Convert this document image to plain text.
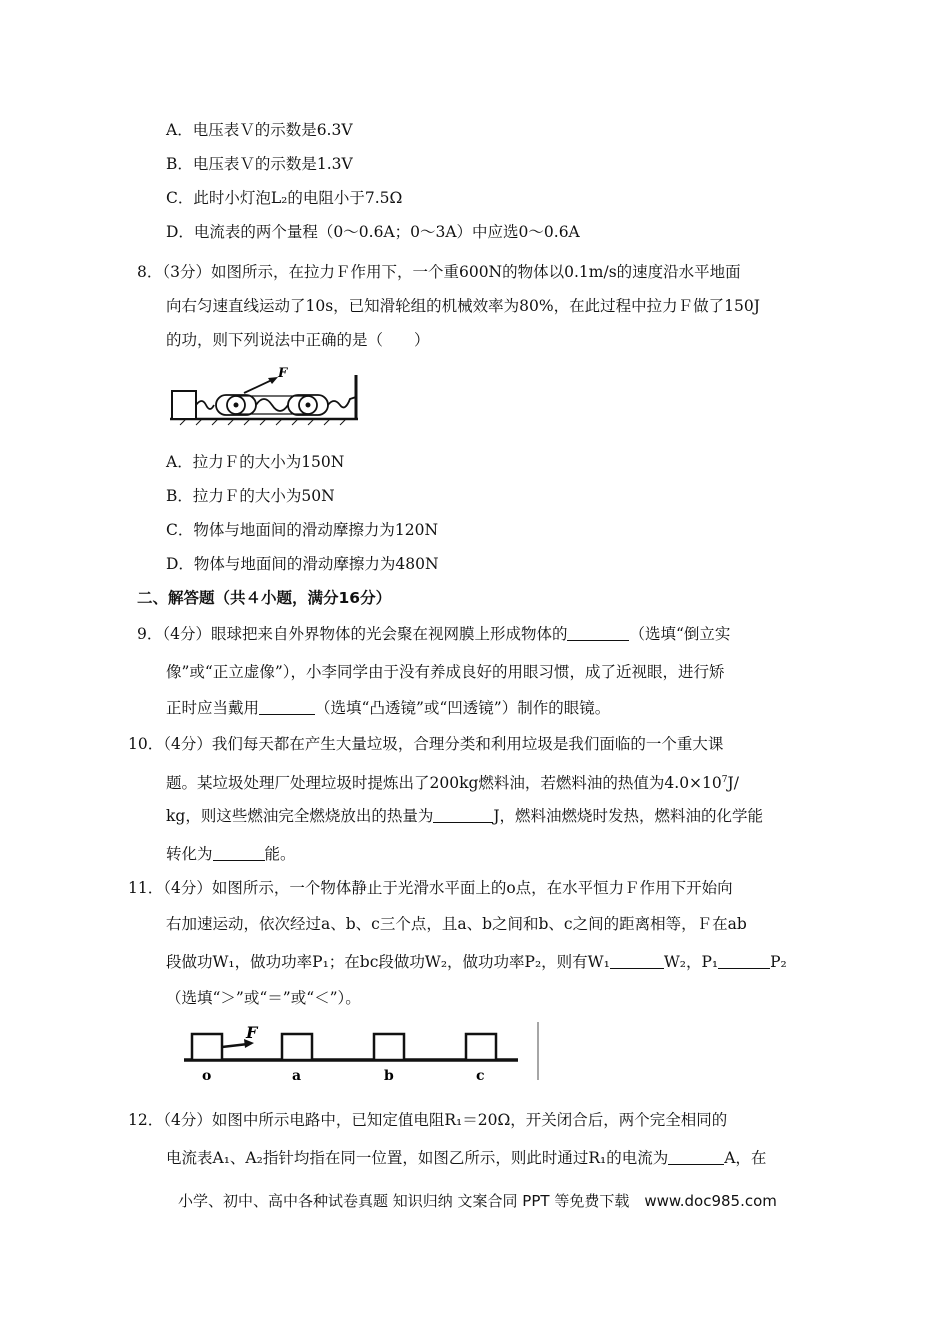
A．电压表Ｖ的示数是6.3V
B．电压表Ｖ的示数是1.3V
C．此时小灯泡L₂的电阻小于7.5Ω
D．电流表的两个量程（0～0.6A；0～3A）中应选0～0.6A
8．（3分）如图所示，在拉力Ｆ作用下，一个重600N的物体以0.1m/s的速度沿水平地面
向右匀速直线运动了10s，已知滑轮组的机械效率为80%，在此过程中拉力Ｆ做了150J
的功，则下列说法中正确的是（　　）
F
A．拉力Ｆ的大小为150N
B．拉力Ｆ的大小为50N
C．物体与地面间的滑动摩擦力为120N
D．物体与地面间的滑动摩擦力为480N
二、解答题（共４小题，满分16分）
9．（4分）眼球把来自外界物体的光会聚在视网膜上形成物体的	（选填“倒立实
像”或“正立虚像”），小李同学由于没有养成良好的用眼习惯，成了近视眼，进行矫
正时应当戴用	（选填“凸透镜”或“凹透镜”）制作的眼镜。
10．（4分）我们每天都在产生大量垃圾，合理分类和利用垃圾是我们面临的一个重大课
题。某垃圾处理厂处理垃圾时提炼出了200kg燃料油，若燃料油的热值为$4.0\times 10^7J/$
kg，则这些燃油完全燃烧放出的热量为	J，燃料油燃烧时发热，燃料油的化学能
转化为	能。
11．（4分）如图所示，一个物体静止于光滑水平面上的o点，在水平恒力Ｆ作用下开始向
右加速运动，依次经过a、b、c三个点，且a、b之间和b、c之间的距离相等，Ｆ在ab
段做功W₁，做功功率P₁；在bc段做功W₂，做功功率P₂，则有W₁	W₂，P₁	P₂
（选填“＞”或“＝”或“＜”）。
F
o	a	b	c
12．（4分）如图中所示电路中，已知定值电阻R₁＝20Ω，开关闭合后，两个完全相同的
电流表A₁、A₂指针均指在同一位置，如图乙所示，则此时通过R₁的电流为	A，在
小学、初中、高中各种试卷真题 知识归纳 文案合同 PPT 等免费下载　www.doc985.com
